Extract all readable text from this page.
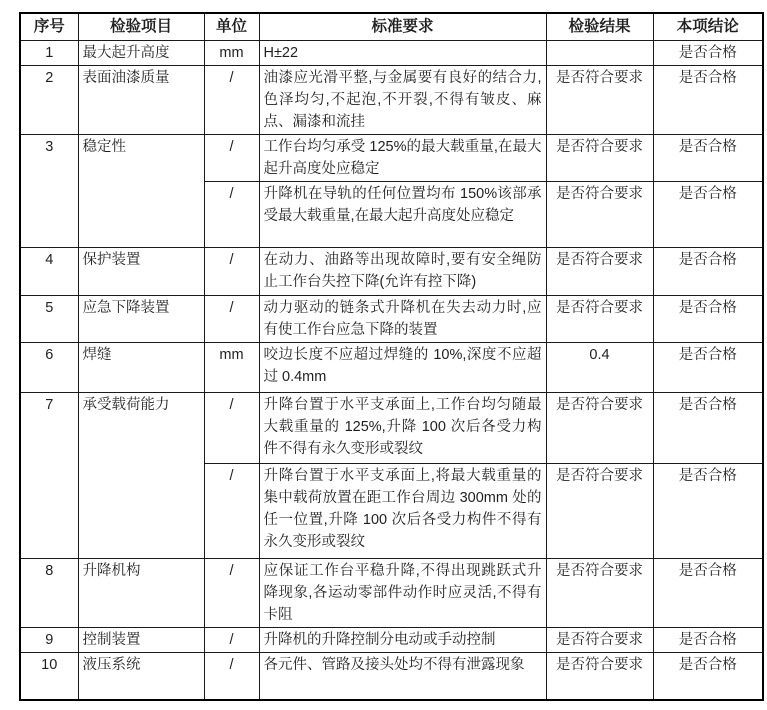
序号	检验项目	单位	标准要求	检验结果	本项结论
1	最大起升高度	mm	H±22		是否合格
2	表面油漆质量	/	油漆应光滑平整,与金属要有良好的结合力,色泽均匀,不起泡,不开裂,不得有皱皮、麻点、漏漆和流挂	是否符合要求	是否合格
3	稳定性	/	工作台均匀承受 125%的最大载重量,在最大起升高度处应稳定	是否符合要求	是否合格
		/	升降机在导轨的任何位置均布 150%该部承受最大载重量,在最大起升高度处应稳定	是否符合要求	是否合格
4	保护装置	/	在动力、油路等出现故障时,要有安全绳防止工作台失控下降(允许有控下降)	是否符合要求	是否合格
5	应急下降装置	/	动力驱动的链条式升降机在失去动力时,应有使工作台应急下降的装置	是否符合要求	是否合格
6	焊缝	mm	咬边长度不应超过焊缝的 10%,深度不应超过 0.4mm	0.4	是否合格
7	承受载荷能力	/	升降台置于水平支承面上,工作台均匀随最大载重量的 125%,升降 100 次后各受力构件不得有永久变形或裂纹	是否符合要求	是否合格
		/	升降台置于水平支承面上,将最大载重量的集中载荷放置在距工作台周边 300mm 处的任一位置,升降 100 次后各受力构件不得有永久变形或裂纹	是否符合要求	是否合格
8	升降机构	/	应保证工作台平稳升降,不得出现跳跃式升降现象,各运动零部件动作时应灵活,不得有卡阻	是否符合要求	是否合格
9	控制装置	/	升降机的升降控制分电动或手动控制	是否符合要求	是否合格
10	液压系统	/	各元件、管路及接头处均不得有泄露现象	是否符合要求	是否合格
